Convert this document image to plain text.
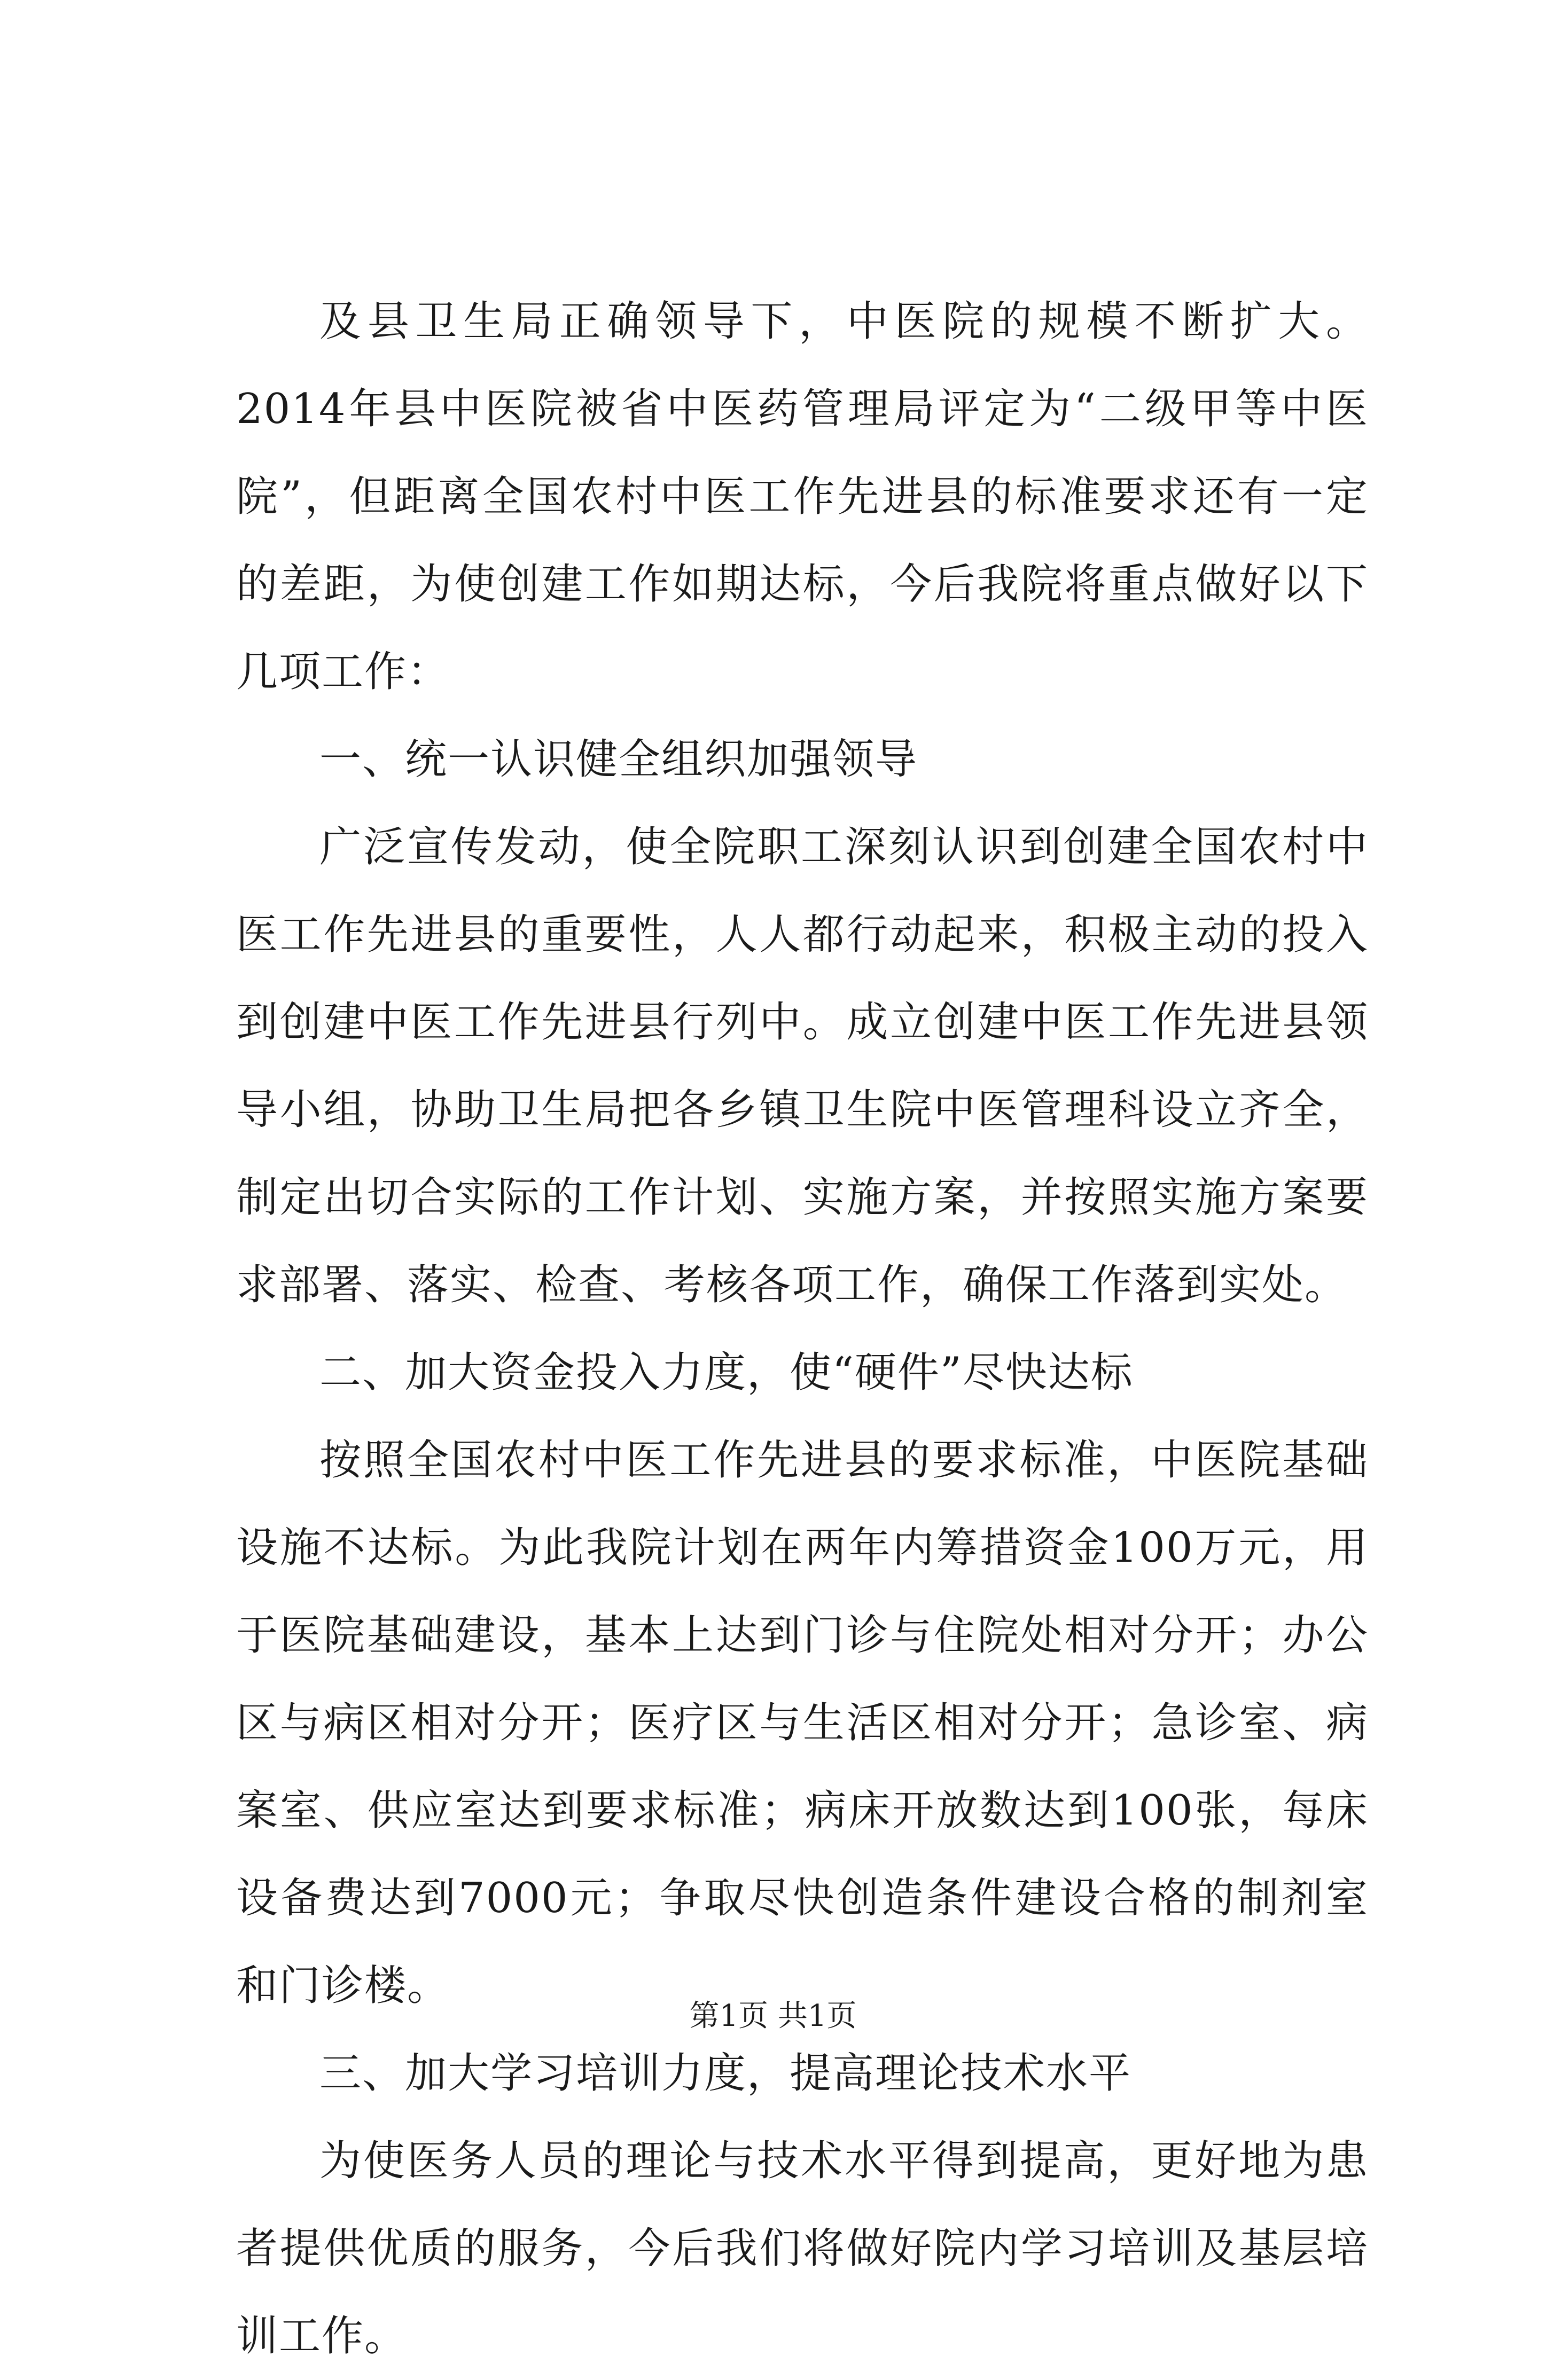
及县卫生局正确领导下，中医院的规模不断扩大。2014年县中医院被省中医药管理局评定为“二级甲等中医院”，但距离全国农村中医工作先进县的标准要求还有一定的差距，为使创建工作如期达标，今后我院将重点做好以下几项工作：

一、统一认识健全组织加强领导

广泛宣传发动，使全院职工深刻认识到创建全国农村中医工作先进县的重要性，人人都行动起来，积极主动的投入到创建中医工作先进县行列中。成立创建中医工作先进县领导小组，协助卫生局把各乡镇卫生院中医管理科设立齐全，制定出切合实际的工作计划、实施方案，并按照实施方案要求部署、落实、检查、考核各项工作，确保工作落到实处。

二、加大资金投入力度，使“硬件”尽快达标

按照全国农村中医工作先进县的要求标准，中医院基础设施不达标。为此我院计划在两年内筹措资金100万元，用于医院基础建设，基本上达到门诊与住院处相对分开；办公区与病区相对分开；医疗区与生活区相对分开；急诊室、病案室、供应室达到要求标准；病床开放数达到100张，每床设备费达到7000元；争取尽快创造条件建设合格的制剂室和门诊楼。

三、加大学习培训力度，提高理论技术水平

为使医务人员的理论与技术水平得到提高，更好地为患者提供优质的服务，今后我们将做好院内学习培训及基层培训工作。

第1页 共1页
